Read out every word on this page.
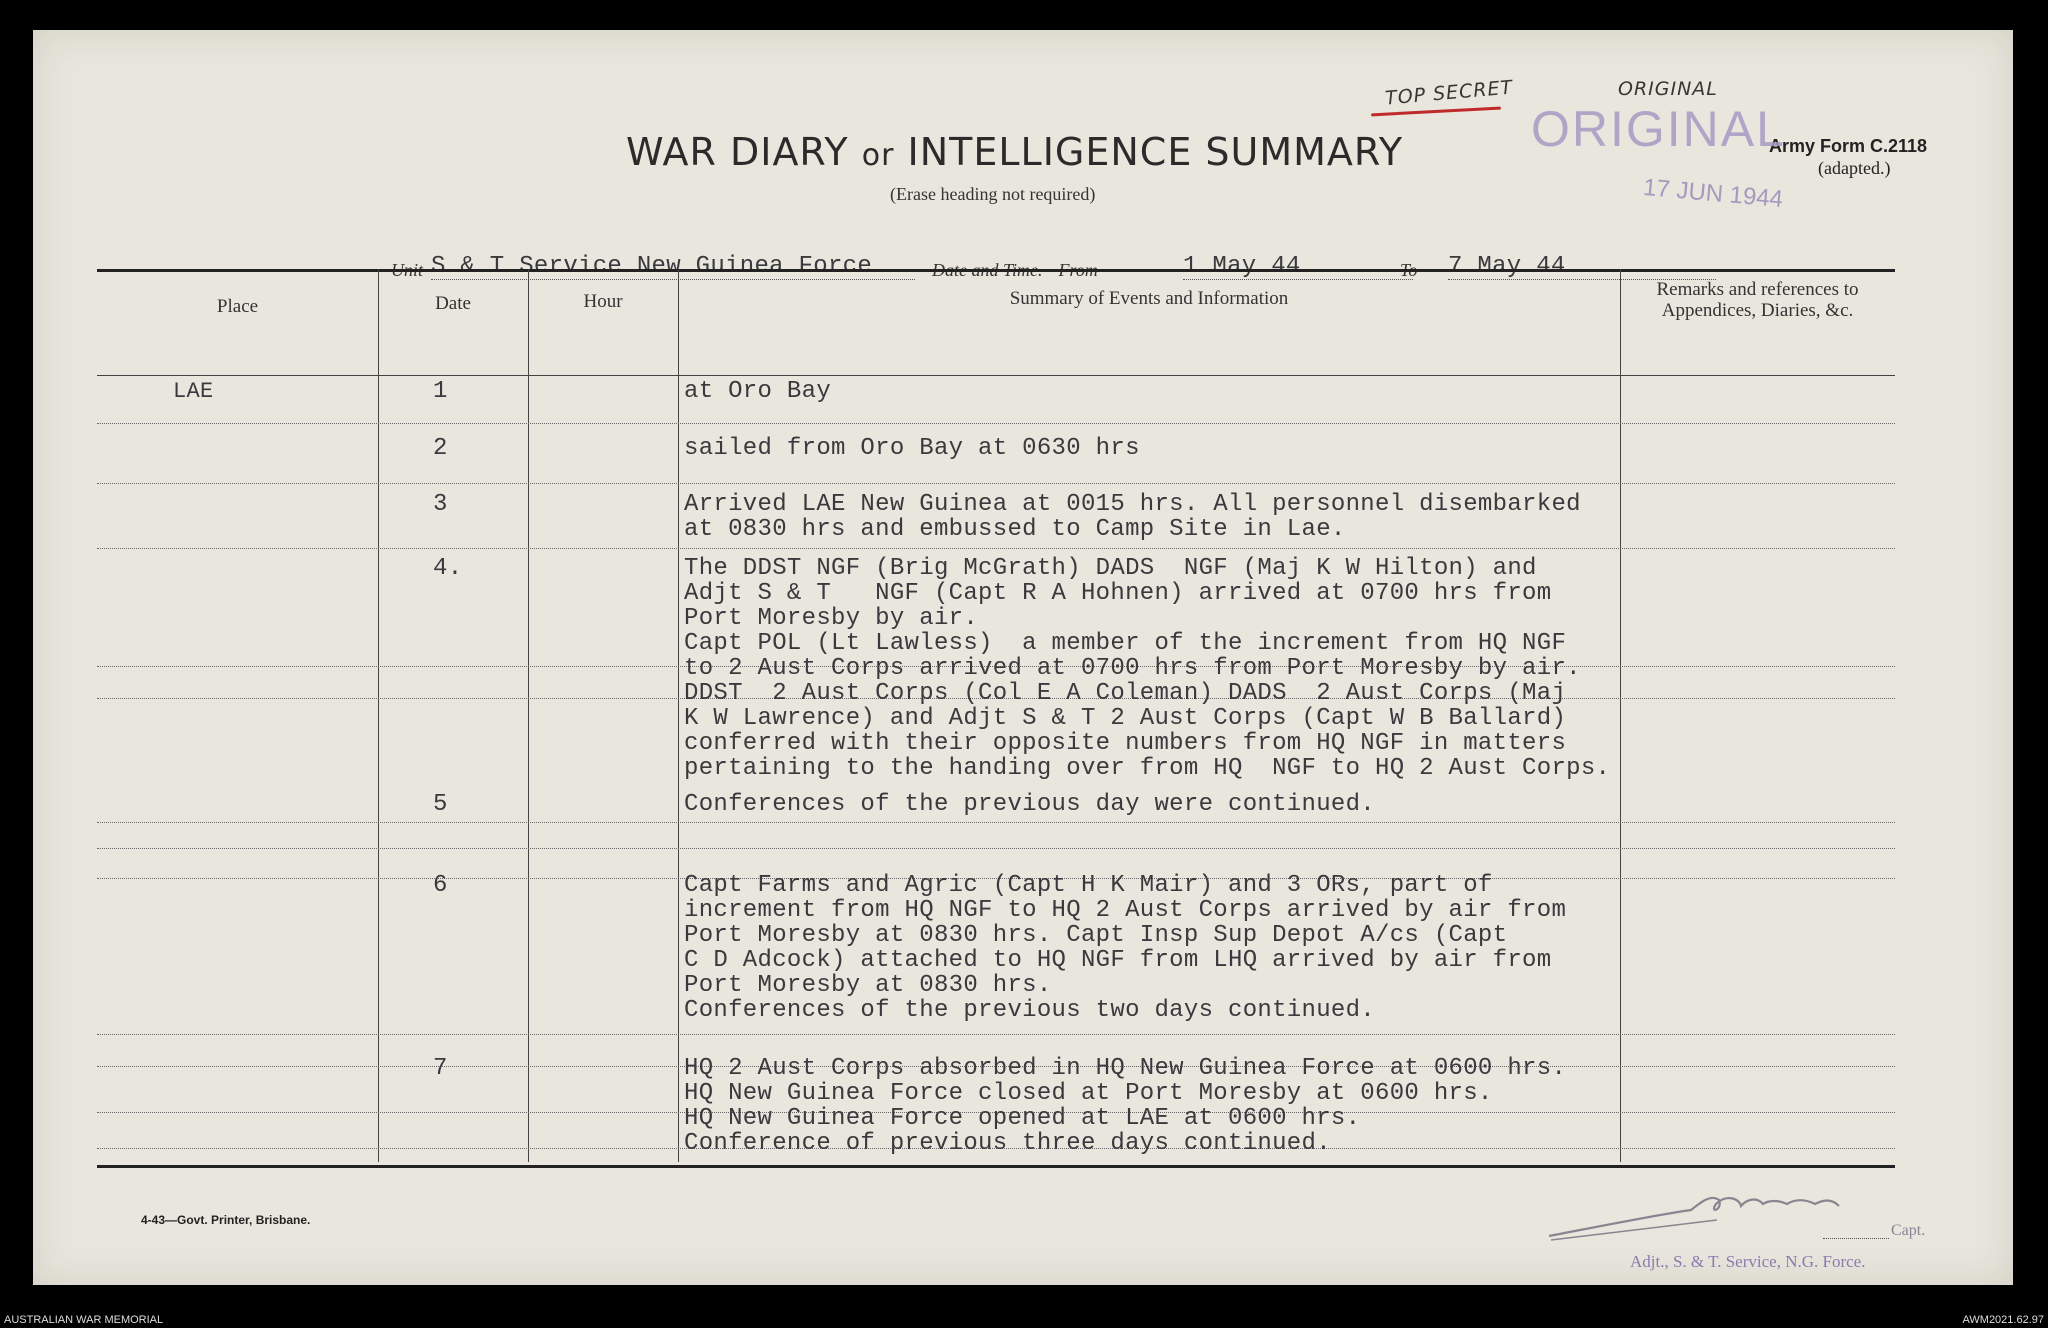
WAR DIARY or INTELLIGENCE SUMMARY
(Erase heading not required)
Army Form C.2118
(adapted.)
ORIGINAL
17 JUN 1944
TOP SECRET	ORIGINAL
Unit S & T Service New Guinea Force	Date and Time.—From	1 May 44	To 7 May 44
Place	Date	Hour	Summary of Events and Information	Remarks and references to
Appendices, Diaries, &c.
LAE	1	at Oro Bay
2	sailed from Oro Bay at 0630 hrs
3	Arrived LAE New Guinea at 0015 hrs. All personnel disembarked
at 0830 hrs and embussed to Camp Site in Lae.
4.	The DDST NGF (Brig McGrath) DADS  NGF (Maj K W Hilton) and
Adjt S & T   NGF (Capt R A Hohnen) arrived at 0700 hrs from
Port Moresby by air.
Capt POL (Lt Lawless)  a member of the increment from HQ NGF
to 2 Aust Corps arrived at 0700 hrs from Port Moresby by air.
DDST  2 Aust Corps (Col E A Coleman) DADS  2 Aust Corps (Maj
K W Lawrence) and Adjt S & T 2 Aust Corps (Capt W B Ballard)
conferred with their opposite numbers from HQ NGF in matters
pertaining to the handing over from HQ  NGF to HQ 2 Aust Corps.
5	Conferences of the previous day were continued.
6	Capt Farms and Agric (Capt H K Mair) and 3 ORs, part of
increment from HQ NGF to HQ 2 Aust Corps arrived by air from
Port Moresby at 0830 hrs. Capt Insp Sup Depot A/cs (Capt
C D Adcock) attached to HQ NGF from LHQ arrived by air from
Port Moresby at 0830 hrs.
Conferences of the previous two days continued.
7	HQ 2 Aust Corps absorbed in HQ New Guinea Force at 0600 hrs.
HQ New Guinea Force closed at Port Moresby at 0600 hrs.
HQ New Guinea Force opened at LAE at 0600 hrs.
Conference of previous three days continued.
4-43—Govt. Printer, Brisbane.
Capt.
Adjt., S. & T. Service, N.G. Force.
AUSTRALIAN WAR MEMORIAL	AWM2021.62.97
